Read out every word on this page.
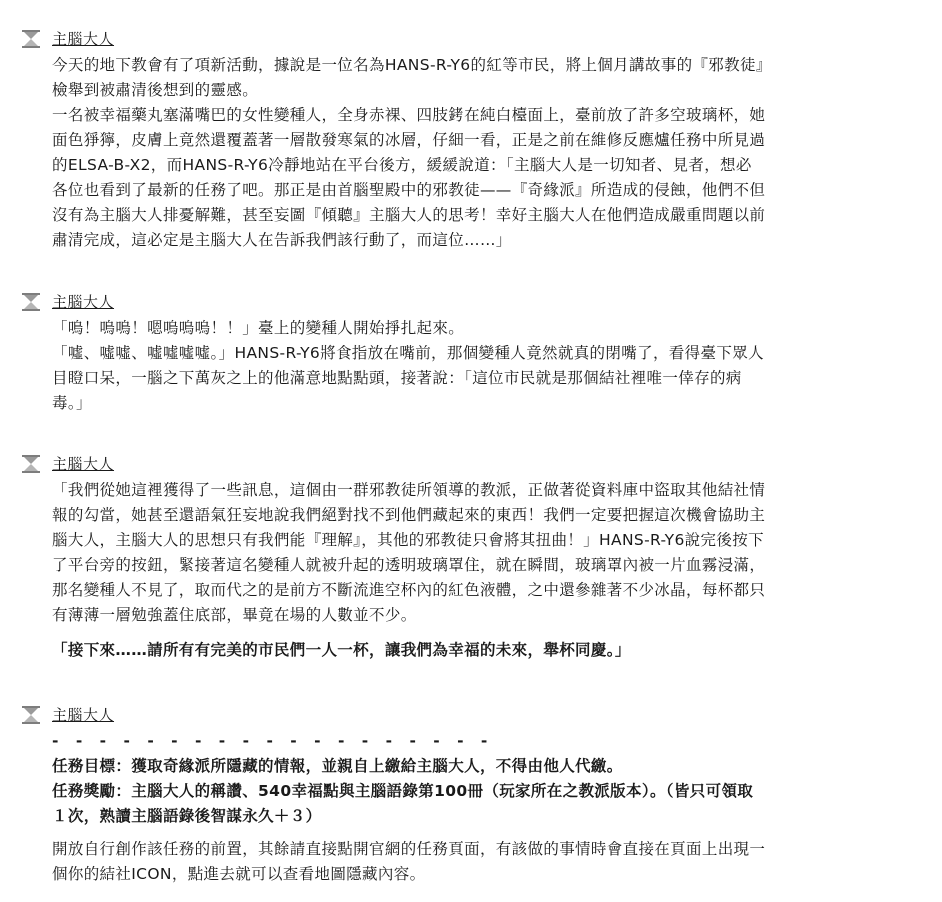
主腦大人
今天的地下教會有了項新活動，據說是一位名為HANS-R-Y6的紅等市民，將上個月講故事的『邪教徒』
檢舉到被肅清後想到的靈感。
一名被幸福藥丸塞滿嘴巴的女性變種人，全身赤裸、四肢銬在純白檯面上，臺前放了許多空玻璃杯，她
面色猙獰，皮膚上竟然還覆蓋著一層散發寒氣的冰層，仔細一看，正是之前在維修反應爐任務中所見過
的ELSA-B-X2，而HANS-R-Y6冷靜地站在平台後方，緩緩說道：「主腦大人是一切知者、見者，想必
各位也看到了最新的任務了吧。那正是由首腦聖殿中的邪教徒——『奇緣派』所造成的侵蝕，他們不但
沒有為主腦大人排憂解難，甚至妄圖『傾聽』主腦大人的思考！幸好主腦大人在他們造成嚴重問題以前
肅清完成，這必定是主腦大人在告訴我們該行動了，而這位……」
主腦大人
「嗚！嗚嗚！嗯嗚嗚嗚！！」臺上的變種人開始掙扎起來。
「噓、噓噓、噓噓噓噓。」HANS-R-Y6將食指放在嘴前，那個變種人竟然就真的閉嘴了，看得臺下眾人
目瞪口呆，一腦之下萬灰之上的他滿意地點點頭，接著說：「這位市民就是那個結社裡唯一倖存的病
毒。」
主腦大人
「我們從她這裡獲得了一些訊息，這個由一群邪教徒所領導的教派，正做著從資料庫中盜取其他結社情
報的勾當，她甚至還語氣狂妄地說我們絕對找不到他們藏起來的東西！我們一定要把握這次機會協助主
腦大人，主腦大人的思想只有我們能『理解』，其他的邪教徒只會將其扭曲！」HANS-R-Y6說完後按下
了平台旁的按鈕，緊接著這名變種人就被升起的透明玻璃罩住，就在瞬間，玻璃罩內被一片血霧浸滿，
那名變種人不見了，取而代之的是前方不斷流進空杯內的紅色液體，之中還參雜著不少冰晶，每杯都只
有薄薄一層勉強蓋住底部，畢竟在場的人數並不少。
「接下來……請所有有完美的市民們一人一杯，讓我們為幸福的未來，舉杯同慶。」
主腦大人
- - - - - - - - - - - - - - - - - - -
任務目標：獲取奇緣派所隱藏的情報，並親自上繳給主腦大人，不得由他人代繳。
任務獎勵：主腦大人的稱讚、540幸福點與主腦語錄第100冊（玩家所在之教派版本）。（皆只可領取
１次，熟讀主腦語錄後智謀永久＋３）
開放自行創作該任務的前置，其餘請直接點開官網的任務頁面，有該做的事情時會直接在頁面上出現一
個你的結社ICON，點進去就可以查看地圖隱藏內容。
